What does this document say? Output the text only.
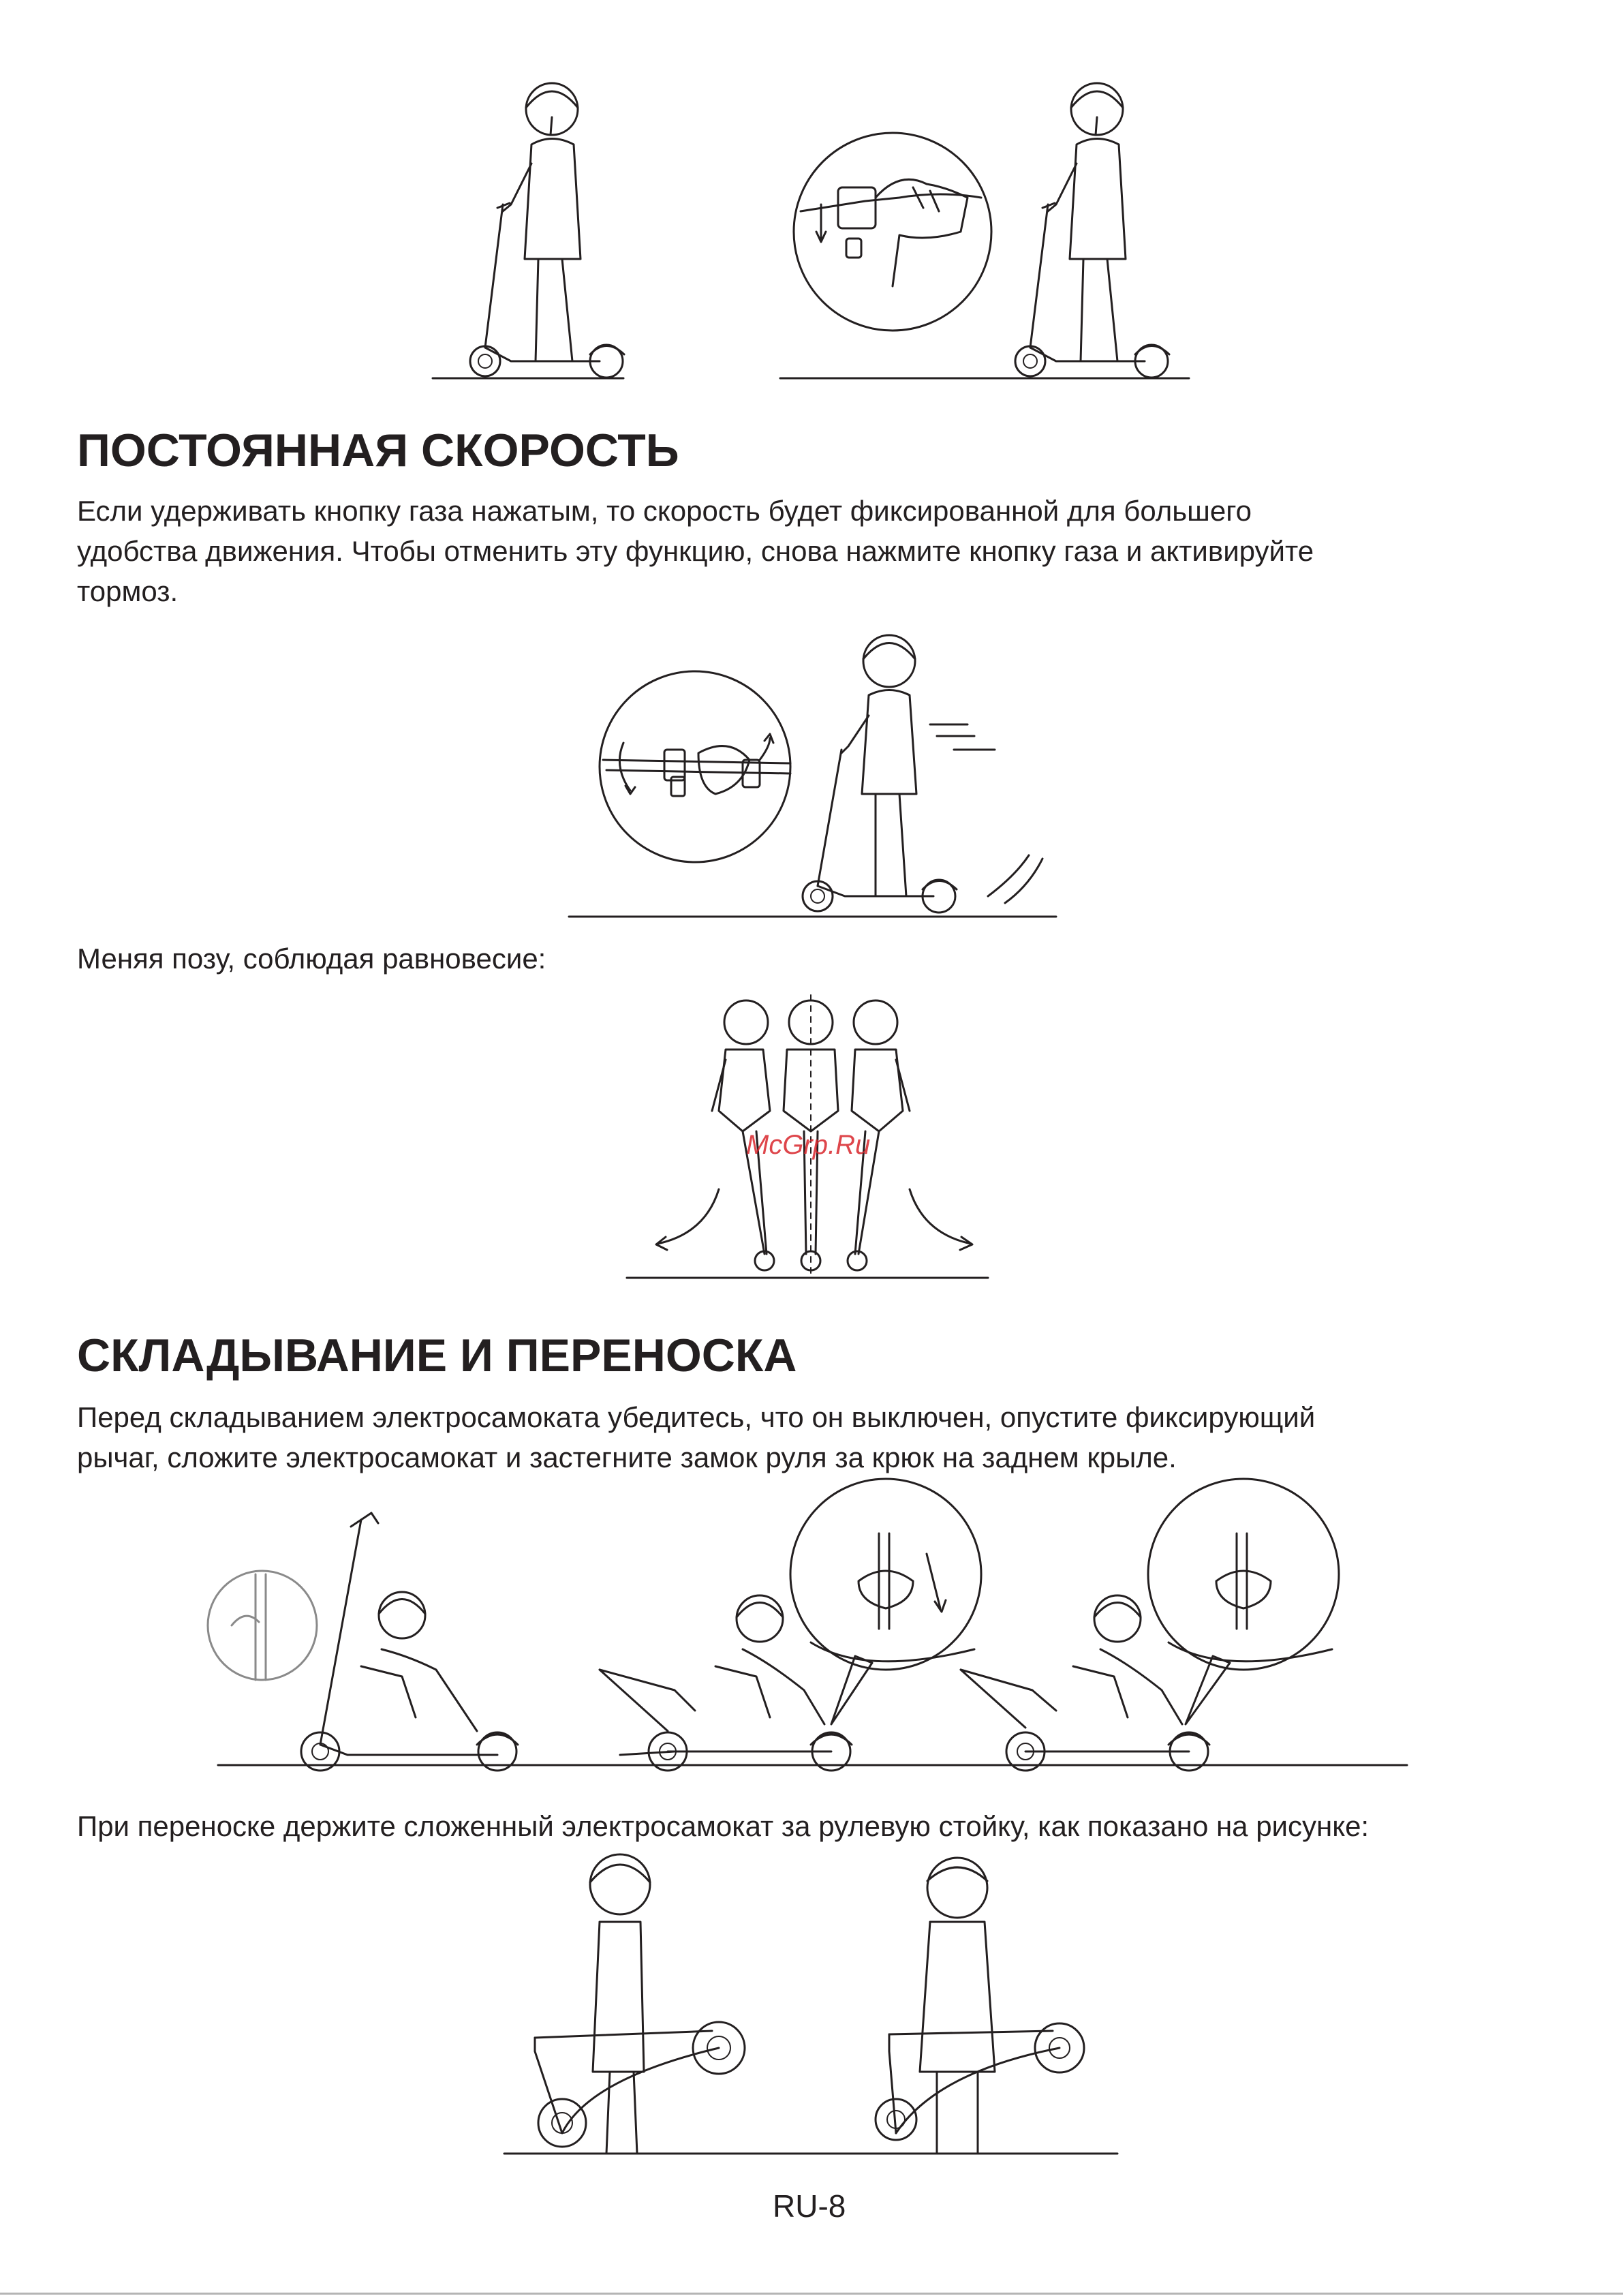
ПОСТОЯННАЯ СКОРОСТЬ

Если удерживать кнопку газа нажатым, то скорость будет фиксированной для большего
удобства движения. Чтобы отменить эту функцию, снова нажмите кнопку газа и активируйте
тормоз.

Меняя позу, соблюдая равновесие:

McGrp.Ru
СКЛАДЫВАНИЕ И ПЕРЕНОСКА

Перед складыванием электросамоката убедитесь, что он выключен, опустите фиксирующий
рычаг, сложите электросамокат и застегните замок руля за крюк на заднем крыле.

При переноске держите сложенный электросамокат за рулевую стойку, как показано на рисунке:

RU-8
